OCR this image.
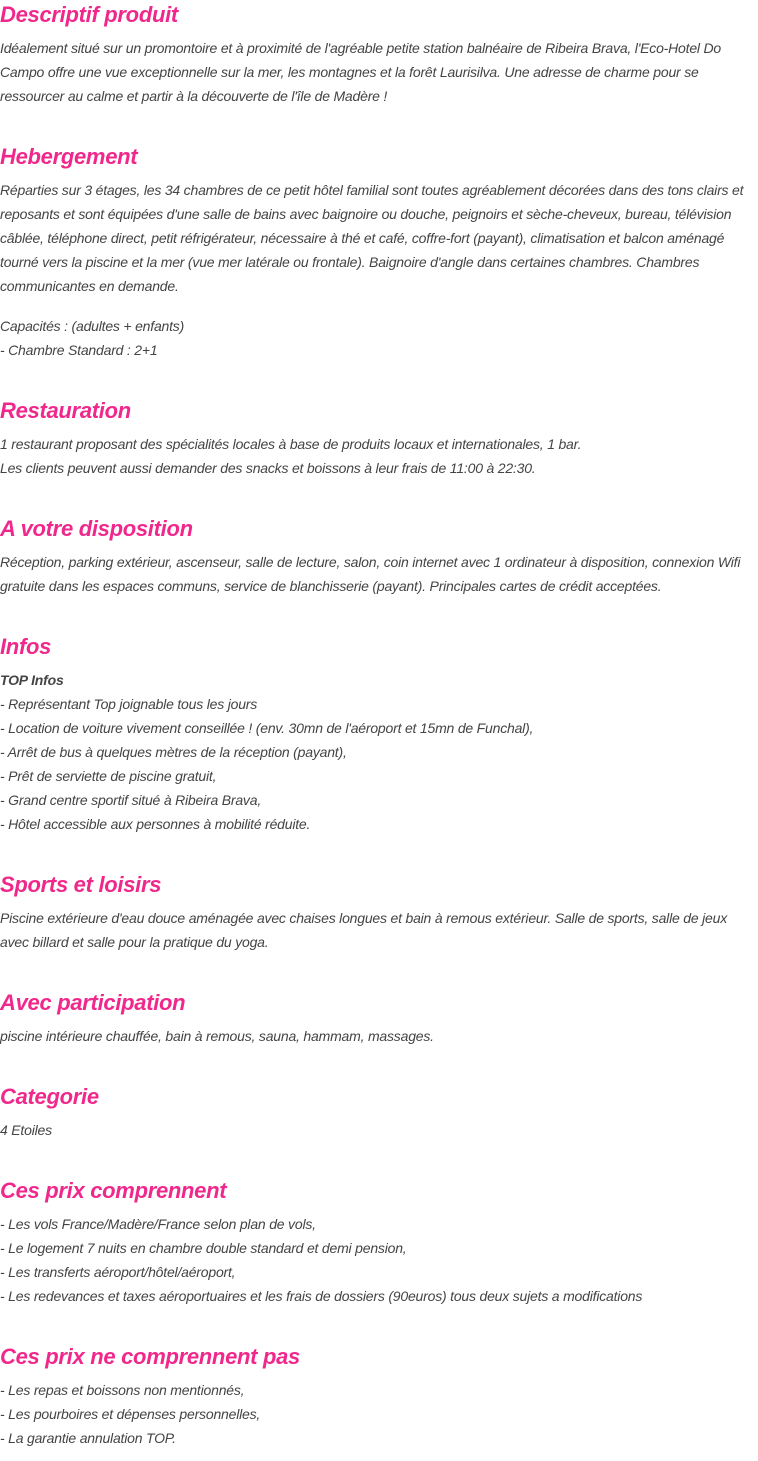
Descriptif produit

Idéalement situé sur un promontoire et à proximité de l'agréable petite station balnéaire de Ribeira Brava, l'Eco-Hotel Do Campo offre une vue exceptionnelle sur la mer, les montagnes et la forêt Laurisilva. Une adresse de charme pour se ressourcer au calme et partir à la découverte de l'île de Madère !

Hebergement

Réparties sur 3 étages, les 34 chambres de ce petit hôtel familial sont toutes agréablement décorées dans des tons clairs et reposants et sont équipées d'une salle de bains avec baignoire ou douche, peignoirs et sèche-cheveux, bureau, télévision câblée, téléphone direct, petit réfrigérateur, nécessaire à thé et café, coffre-fort (payant), climatisation et balcon aménagé tourné vers la piscine et la mer (vue mer latérale ou frontale). Baignoire d'angle dans certaines chambres. Chambres communicantes en demande.

Capacités : (adultes + enfants)
- Chambre Standard : 2+1

Restauration

1 restaurant proposant des spécialités locales à base de produits locaux et internationales, 1 bar.
Les clients peuvent aussi demander des snacks et boissons à leur frais de 11:00 à 22:30.

A votre disposition

Réception, parking extérieur, ascenseur, salle de lecture, salon, coin internet avec 1 ordinateur à disposition, connexion Wifi gratuite dans les espaces communs, service de blanchisserie (payant). Principales cartes de crédit acceptées.

Infos

TOP Infos
- Représentant Top joignable tous les jours
- Location de voiture vivement conseillée ! (env. 30mn de l'aéroport et 15mn de Funchal),
- Arrêt de bus à quelques mètres de la réception (payant),
- Prêt de serviette de piscine gratuit,
- Grand centre sportif situé à Ribeira Brava,
- Hôtel accessible aux personnes à mobilité réduite.

Sports et loisirs

Piscine extérieure d'eau douce aménagée avec chaises longues et bain à remous extérieur. Salle de sports, salle de jeux avec billard et salle pour la pratique du yoga.

Avec participation

piscine intérieure chauffée, bain à remous, sauna, hammam, massages.

Categorie

4 Etoiles

Ces prix comprennent

- Les vols France/Madère/France selon plan de vols,
- Le logement 7 nuits en chambre double standard et demi pension,
- Les transferts aéroport/hôtel/aéroport,
- Les redevances et taxes aéroportuaires et les frais de dossiers (90euros) tous deux sujets a modifications

Ces prix ne comprennent pas

- Les repas et boissons non mentionnés,
- Les pourboires et dépenses personnelles,
- La garantie annulation TOP.
